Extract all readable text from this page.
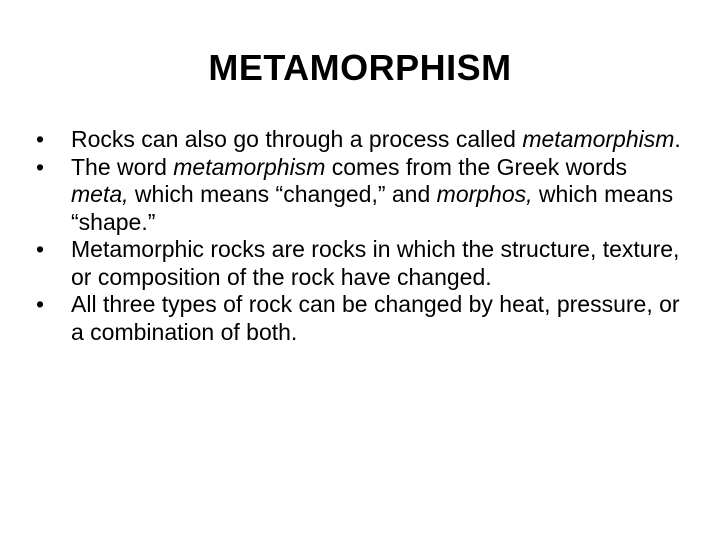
METAMORPHISM
•	Rocks can also go through a process called metamorphism.
•	The word metamorphism comes from the Greek words meta, which means “changed,” and morphos, which means “shape.”
•	Metamorphic rocks are rocks in which the structure, texture, or composition of the rock have changed.
•	All three types of rock can be changed by heat, pressure, or a combination of both.
